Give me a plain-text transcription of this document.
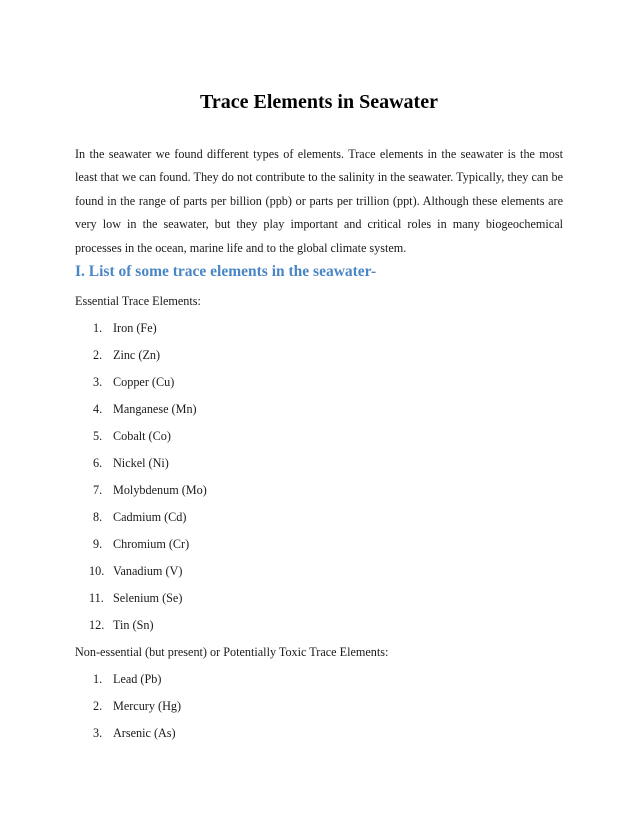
Trace Elements in Seawater

In the seawater we found different types of elements. Trace elements in the seawater is the most least that we can found. They do not contribute to the salinity in the seawater. Typically, they can be found in the range of parts per billion (ppb) or parts per trillion (ppt). Although these elements are very low in the seawater, but they play important and critical roles in many biogeochemical processes in the ocean, marine life and to the global climate system.

I. List of some trace elements in the seawater-

Essential Trace Elements:

1. Iron (Fe)
2. Zinc (Zn)
3. Copper (Cu)
4. Manganese (Mn)
5. Cobalt (Co)
6. Nickel (Ni)
7. Molybdenum (Mo)
8. Cadmium (Cd)
9. Chromium (Cr)
10. Vanadium (V)
11. Selenium (Se)
12. Tin (Sn)

Non-essential (but present) or Potentially Toxic Trace Elements:

1. Lead (Pb)
2. Mercury (Hg)
3. Arsenic (As)
